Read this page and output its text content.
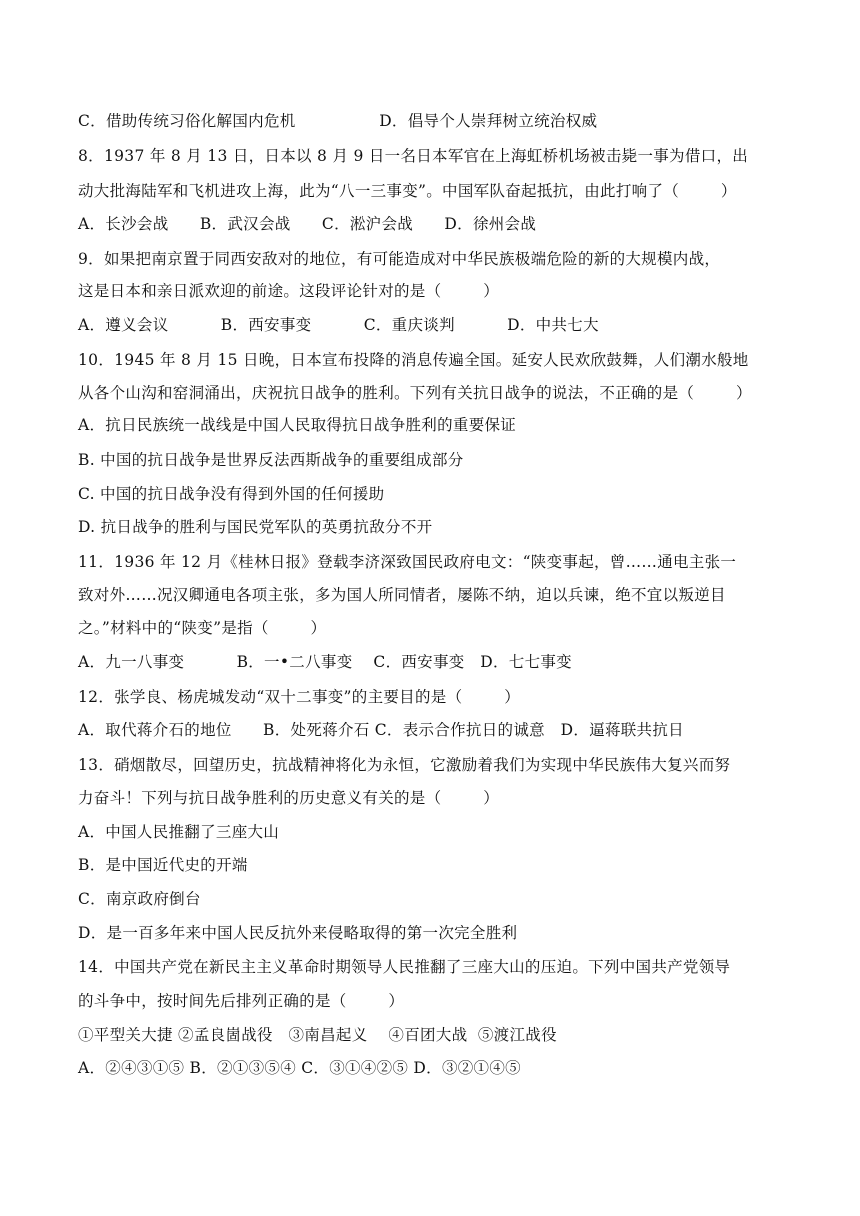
C．借助传统习俗化解国内危机                D．倡导个人崇拜树立统治权威
8．1937 年 8 月 13 日，日本以 8 月 9 日一名日本军官在上海虹桥机场被击毙一事为借口，出
动大批海陆军和飞机进攻上海，此为“八一三事变”。中国军队奋起抵抗，由此打响了（        ）
A．长沙会战      B．武汉会战      C．淞沪会战      D．徐州会战
9．如果把南京置于同西安敌对的地位，有可能造成对中华民族极端危险的新的大规模内战，
这是日本和亲日派欢迎的前途。这段评论针对的是（        ）
A．遵义会议          B．西安事变          C．重庆谈判          D．中共七大
10．1945 年 8 月 15 日晚，日本宣布投降的消息传遍全国。延安人民欢欣鼓舞，人们潮水般地
从各个山沟和窑洞涌出，庆祝抗日战争的胜利。下列有关抗日战争的说法，不正确的是（        ）
A．抗日民族统一战线是中国人民取得抗日战争胜利的重要保证
B. 中国的抗日战争是世界反法西斯战争的重要组成部分
C. 中国的抗日战争没有得到外国的任何援助
D. 抗日战争的胜利与国民党军队的英勇抗敌分不开
11．1936 年 12 月《桂林日报》登载李济深致国民政府电文：“陕变事起，曾……通电主张一
致对外……况汉卿通电各项主张，多为国人所同情者，屡陈不纳，迫以兵谏，绝不宜以叛逆目
之。”材料中的“陕变”是指（        ）
A．九一八事变          B．一•二八事变    C．西安事变   D．七七事变
12．张学良、杨虎城发动“双十二事变”的主要目的是（        ）
A．取代蒋介石的地位      B．处死蒋介石 C．表示合作抗日的诚意   D．逼蒋联共抗日
13．硝烟散尽，回望历史，抗战精神将化为永恒，它激励着我们为实现中华民族伟大复兴而努
力奋斗！下列与抗日战争胜利的历史意义有关的是（        ）
A．中国人民推翻了三座大山
B．是中国近代史的开端
C．南京政府倒台
D．是一百多年来中国人民反抗外来侵略取得的第一次完全胜利
14．中国共产党在新民主主义革命时期领导人民推翻了三座大山的压迫。下列中国共产党领导
的斗争中，按时间先后排列正确的是（        ）
①平型关大捷 ②孟良崮战役   ③南昌起义    ④百团大战  ⑤渡江战役
A．②④③①⑤ B．②①③⑤④ C．③①④②⑤ D．③②①④⑤
